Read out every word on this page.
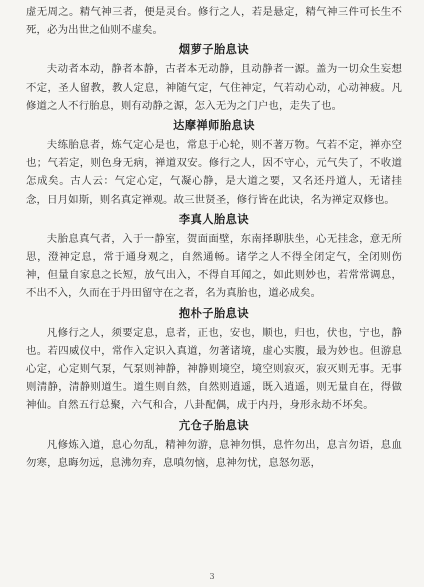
虚无周之。精气神三者，便是灵台。修行之人，若是悬定，精气神三件可长生不死，必为出世之仙则不虚矣。

烟萝子胎息诀

夫动者本动，静者本静，古者本无动静，且动静者一源。盖为一切众生妄想不定，圣人留教，教人定息，神随气定，气住神定，气若动心动，心动神疲。凡修道之人不行胎息，则有动静之源，怎入无为之门户也，走失了也。

达摩禅师胎息诀

夫练胎息者，炼气定心是也，常息于心轮，则不著万物。气若不定，禅亦空也；气若定，则色身无病，禅道双安。修行之人，因不守心，元气失了，不收道怎成矣。古人云：气定心定，气凝心静，是大道之要，又名还丹道人，无诸挂念，日月如斯，则名真定禅观。故三世贤圣，修行皆在此诀，名为禅定双修也。

李真人胎息诀

夫胎息真气者，入于一静室，贺面面壁，东南择聊肤坐，心无挂念，意无所思，澄神定息，常于通身观之，自然通畅。诸学之人不得全闭定气，全闭则伤神，但量自家息之长短，放气出入，不得自耳闻之，如此则妙也，若常常调息，不出不入，久而在于丹田留守在之者，名为真胎也，道必成矣。

抱朴子胎息诀

凡修行之人，须要定息，息者，正也，安也，顺也，归也，伏也，宁也，静也。若四威仪中，常作入定识入真道，勿著诸境，虚心实腹，最为妙也。但游息心定，心定则气泵，气泵则神静，神静则境空，境空则寂灭，寂灭则无事。无事则清静，清静则道生。道生则自然，自然则逍遥，既入逍遥，则无量自在，得做神仙。自然五行总聚，六气和合，八卦配偶，成于内丹，身形永劫不坏矣。

亢仓子胎息诀

凡修炼入道，息心勿乱，精神勿游，息神勿惧，息忤勿出，息言勿语，息血勿寒，息晦勿远，息沸勿弃，息嗔勿恼，息神勿忧，息怒勿恶，

3
